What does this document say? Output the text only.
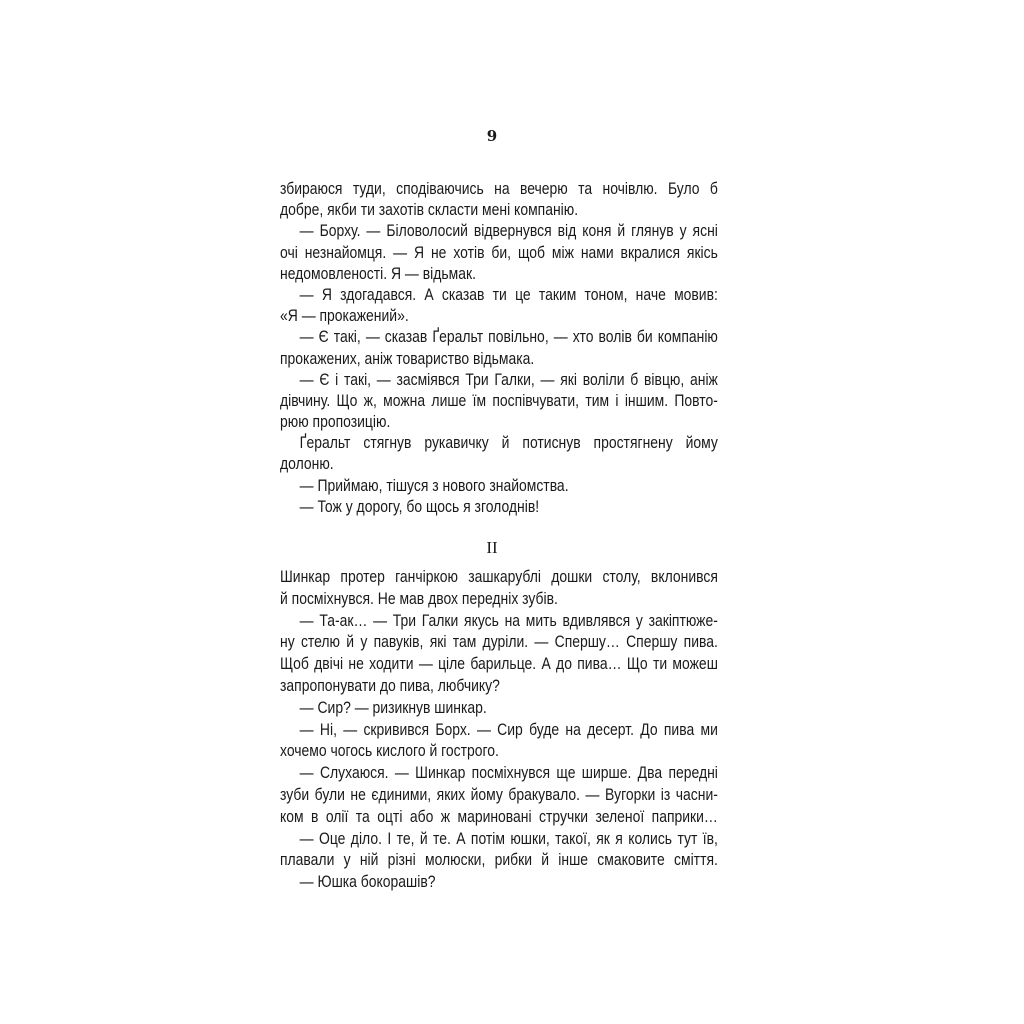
9
збираюся туди, сподіваючись на вечерю та ночівлю. Було б
добре, якби ти захотів скласти мені компанію.
— Борху. — Біловолосий відвернувся від коня й глянув у ясні
очі незнайомця. — Я не хотів би, щоб між нами вкралися якісь
недомовленості. Я — відьмак.
— Я здогадався. А сказав ти це таким тоном, наче мовив:
«Я — прокажений».
— Є такі, — сказав Ґеральт повільно, — хто волів би компанію
прокажених, аніж товариство відьмака.
— Є і такі, — засміявся Три Галки, — які воліли б вівцю, аніж
дівчину. Що ж, можна лише їм поспівчувати, тим і іншим. Повто-
рюю пропозицію.
Ґеральт стягнув рукавичку й потиснув простягнену йому
долоню.
— Приймаю, тішуся з нового знайомства.
— Тож у дорогу, бо щось я зголоднів!
II
Шинкар протер ганчіркою зашкарублі дошки столу, вклонився
й посміхнувся. Не мав двох передніх зубів.
— Та-ак… — Три Галки якусь на мить вдивлявся у закіптюже-
ну стелю й у павуків, які там дуріли. — Спершу… Спершу пива.
Щоб двічі не ходити — ціле барильце. А до пива… Що ти можеш
запропонувати до пива, любчику?
— Сир? — ризикнув шинкар.
— Ні, — скривився Борх. — Сир буде на десерт. До пива ми
хочемо чогось кислого й гострого.
— Слухаюся. — Шинкар посміхнувся ще ширше. Два передні
зуби були не єдиними, яких йому бракувало. — Вугорки із часни-
ком в олії та оцті або ж мариновані стручки зеленої паприки…
— Оце діло. І те, й те. А потім юшки, такої, як я колись тут їв,
плавали у ній різні молюски, рибки й інше смаковите сміття.
— Юшка бокорашів?
